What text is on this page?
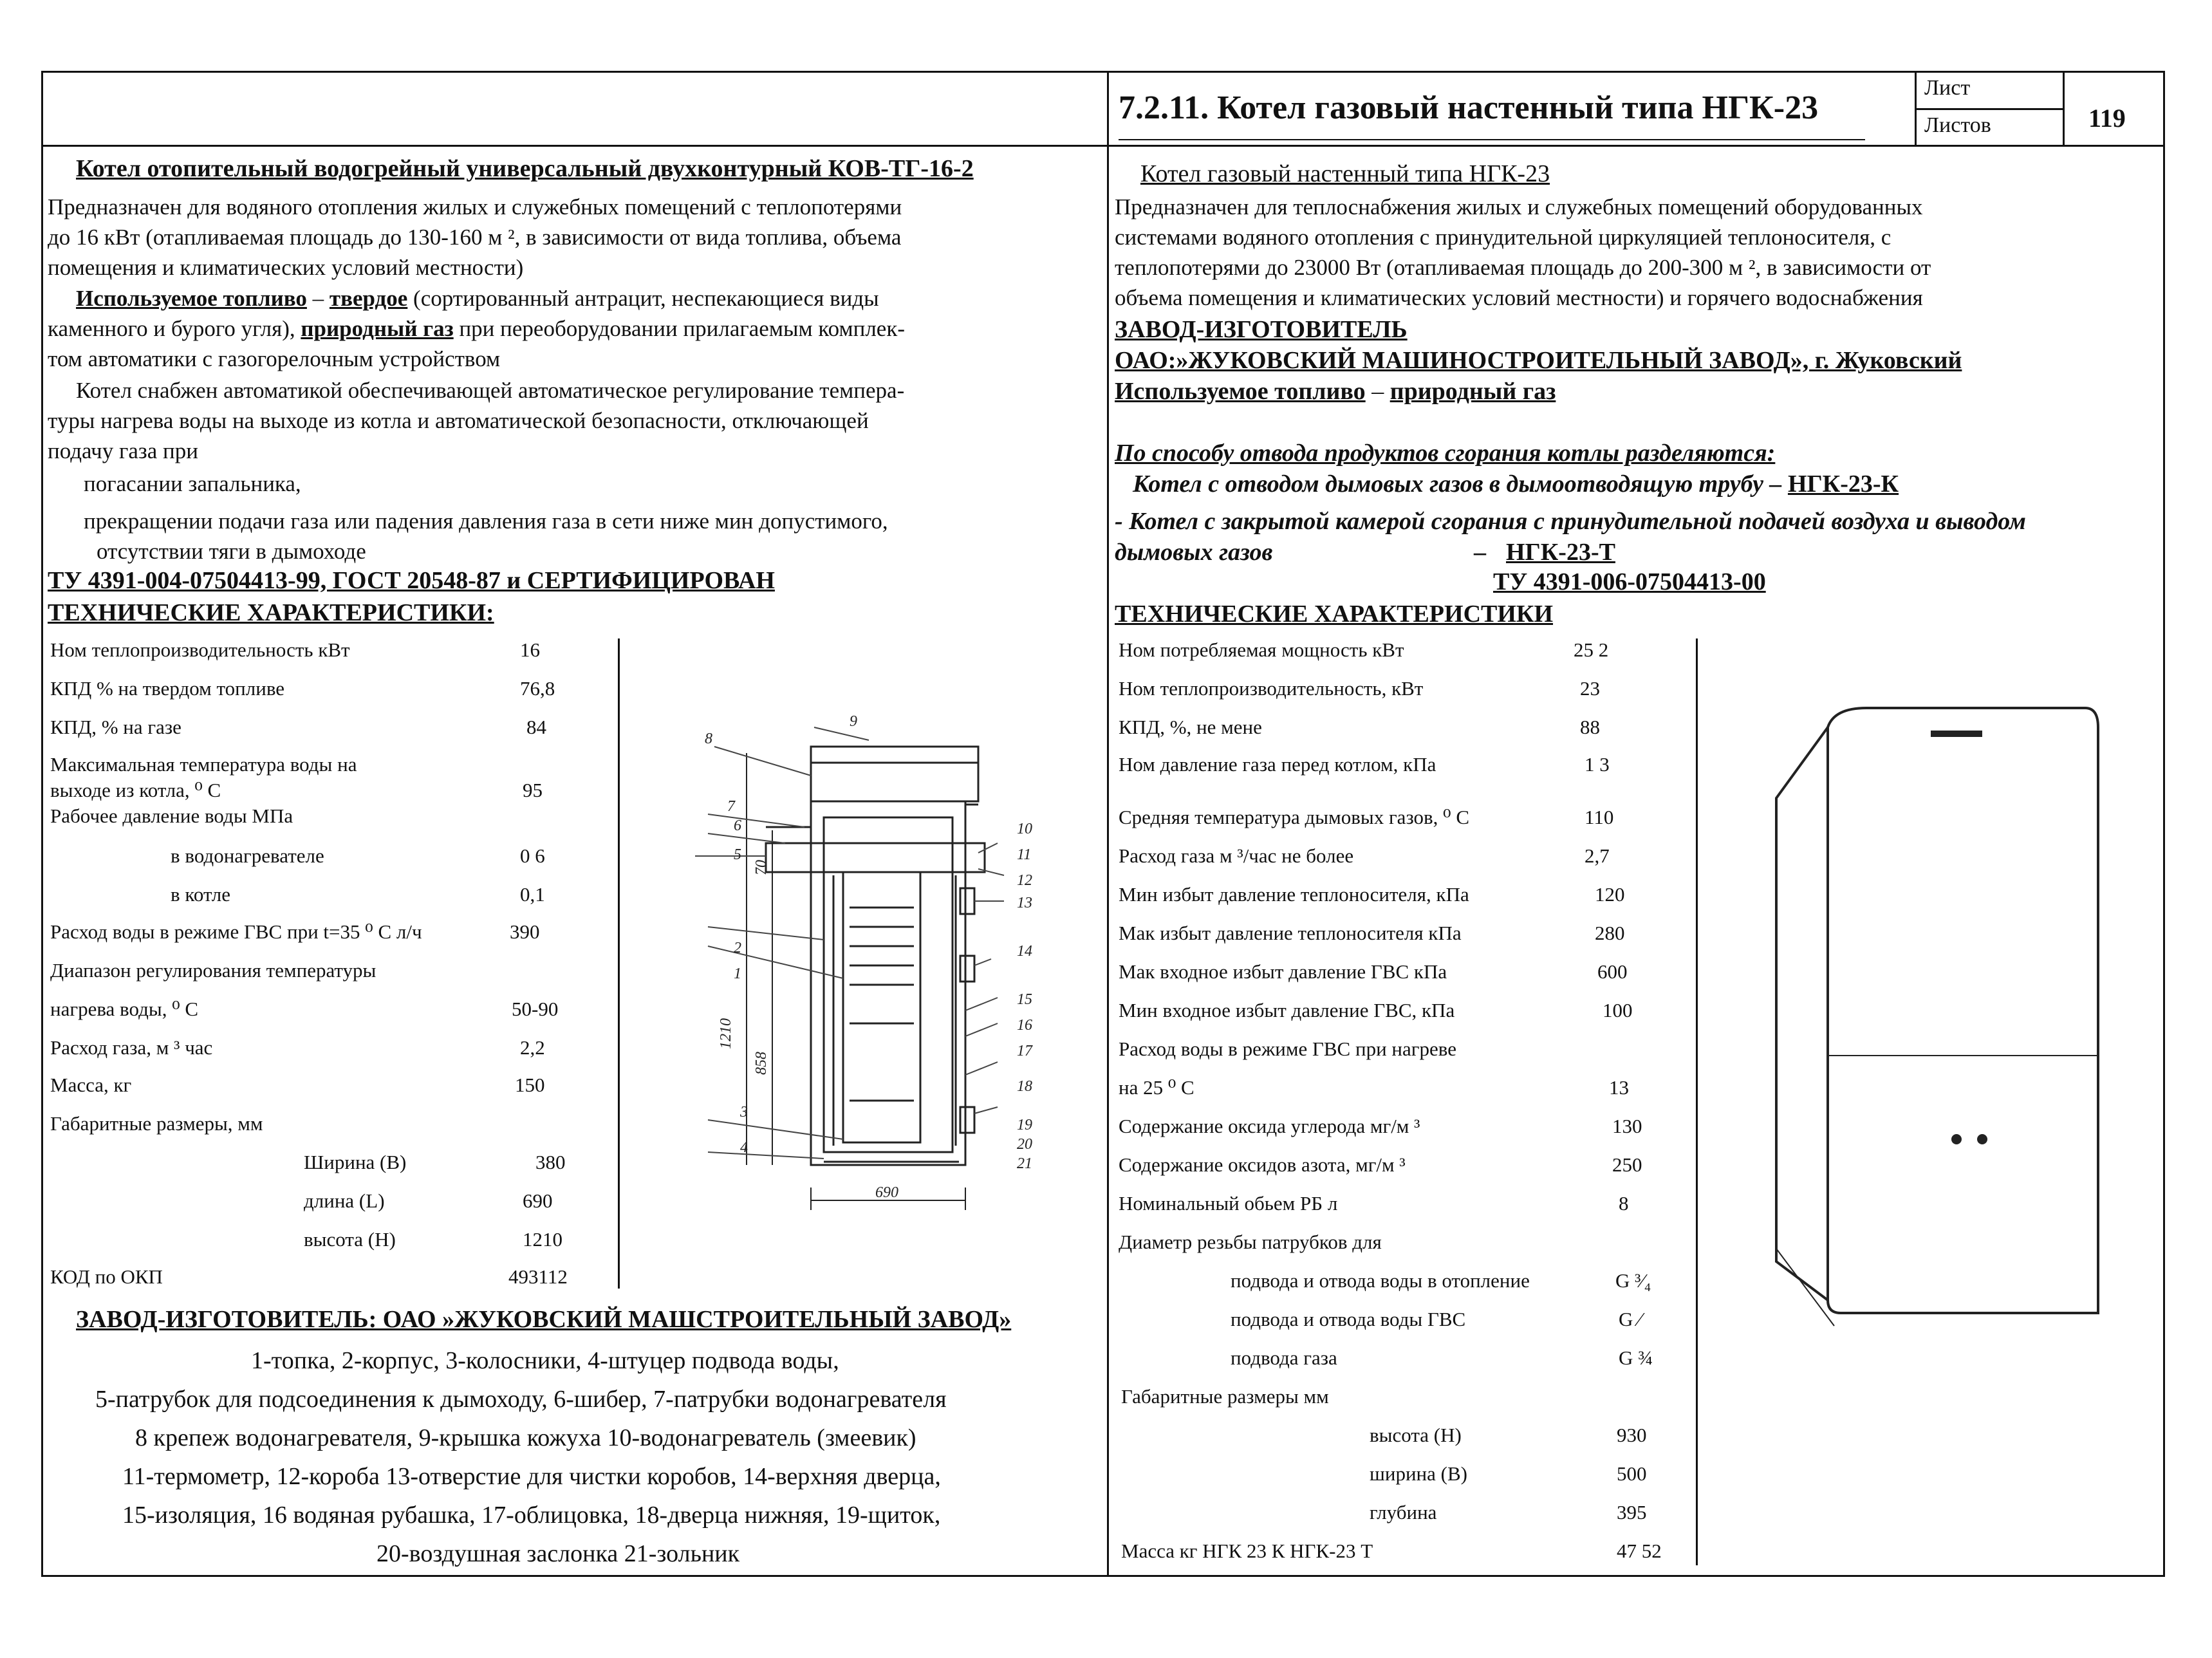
7.2.11. Котел газовый настенный типа НГК-23
Лист
Листов	119
Котел отопительный водогрейный универсальный двухконтурный КОВ-ТГ-16-2
Предназначен для водяного отопления жилых и служебных помещений с теплопотерями
до 16 кВт (отапливаемая площадь до 130-160 м ², в зависимости от вида топлива, объема
помещения и климатических условий местности)
Используемое топливо – твердое (сортированный антрацит, неспекающиеся виды
каменного и бурого угля), природный газ при переоборудовании прилагаемым комплек-
том автоматики с газогорелочным устройством
Котел снабжен автоматикой обеспечивающей автоматическое регулирование темпера-
туры нагрева воды на выходе из котла и автоматической безопасности, отключающей
подачу газа при
погасании запальника,
прекращении подачи газа или падения давления газа в сети ниже мин допустимого,
отсутствии тяги в дымоходе
ТУ 4391-004-07504413-99, ГОСТ 20548-87 и СЕРТИФИЦИРОВАН
ТЕХНИЧЕСКИЕ ХАРАКТЕРИСТИКИ:
Ном теплопроизводительность кВт	16
КПД % на твердом топливе	76,8
КПД, % на газе	84
Максимальная температура воды на
выходе из котла, ⁰ С	95
Рабочее давление воды МПа
в водонагревателе	0 6
в котле	0,1
Расход воды в режиме ГВС при t=35 ⁰ С л/ч	390
Диапазон регулирования температуры
нагрева воды, ⁰ С	50-90
Расход газа, м ³ час	2,2
Масса, кг	150
Габаритные размеры, мм
Ширина (В)	380
длина (L)	690
высота (Н)	1210
КОД по ОКП	493112
8
9
7
6
5
10
11
12
13
2
1
14
15
16
17
3
4
18
19
20
21
690
1210
858
70
ЗАВОД-ИЗГОТОВИТЕЛЬ: ОАО »ЖУКОВСКИЙ МАШСТРОИТЕЛЬНЫЙ ЗАВОД»
1-топка, 2-корпус, 3-колосники, 4-штуцер подвода воды,
5-патрубок для подсоединения к дымоходу, 6-шибер, 7-патрубки водонагревателя
8 крепеж водонагревателя, 9-крышка кожуха 10-водонагреватель (змеевик)
11-термометр, 12-короба 13-отверстие для чистки коробов, 14-верхняя дверца,
15-изоляция, 16 водяная рубашка, 17-облицовка, 18-дверца нижняя, 19-щиток,
20-воздушная заслонка 21-зольник
Котел газовый настенный типа НГК-23
Предназначен для теплоснабжения жилых и служебных помещений оборудованных
системами водяного отопления с принудительной циркуляцией теплоносителя, с
теплопотерями до 23000 Вт (отапливаемая площадь до 200-300 м ², в зависимости от
объема помещения и климатических условий местности) и горячего водоснабжения
ЗАВОД-ИЗГОТОВИТЕЛЬ
ОАО:»ЖУКОВСКИЙ МАШИНОСТРОИТЕЛЬНЫЙ ЗАВОД», г. Жуковский
Используемое топливо – природный газ
По способу отвода продуктов сгорания котлы разделяются:
Котел с отводом дымовых газов в дымоотводящую трубу – НГК-23-К
- Котел с закрытой камерой сгорания с принудительной подачей воздуха и выводом
дымовых газов	– НГК-23-Т
ТУ 4391-006-07504413-00
ТЕХНИЧЕСКИЕ ХАРАКТЕРИСТИКИ
Ном потребляемая мощность кВт	25 2
Ном теплопроизводительность, кВт	23
КПД, %, не мене	88
Ном давление газа перед котлом, кПа	1 3
Средняя температура дымовых газов, ⁰ С	110
Расход газа м ³/час не более	2,7
Мин избыт давление теплоносителя, кПа	120
Мак избыт давление теплоносителя кПа	280
Мак входное избыт давление ГВС кПа	600
Мин входное избыт давление ГВС, кПа	100
Расход воды в режиме ГВС при нагреве
на 25 ⁰ С	13
Содержание оксида углерода мг/м ³	130
Содержание оксидов азота, мг/м ³	250
Номинальный обьем РБ л	8
Диаметр резьбы патрубков для
подвода и отвода воды в отопление	G ³⁄₄
подвода и отвода воды ГВС	G ⁄
подвода газа	G ¾
Габаритные размеры мм
высота (Н)	930
ширина (В)	500
глубина	395
Масса кг НГК 23 К НГК-23 Т	47 52
